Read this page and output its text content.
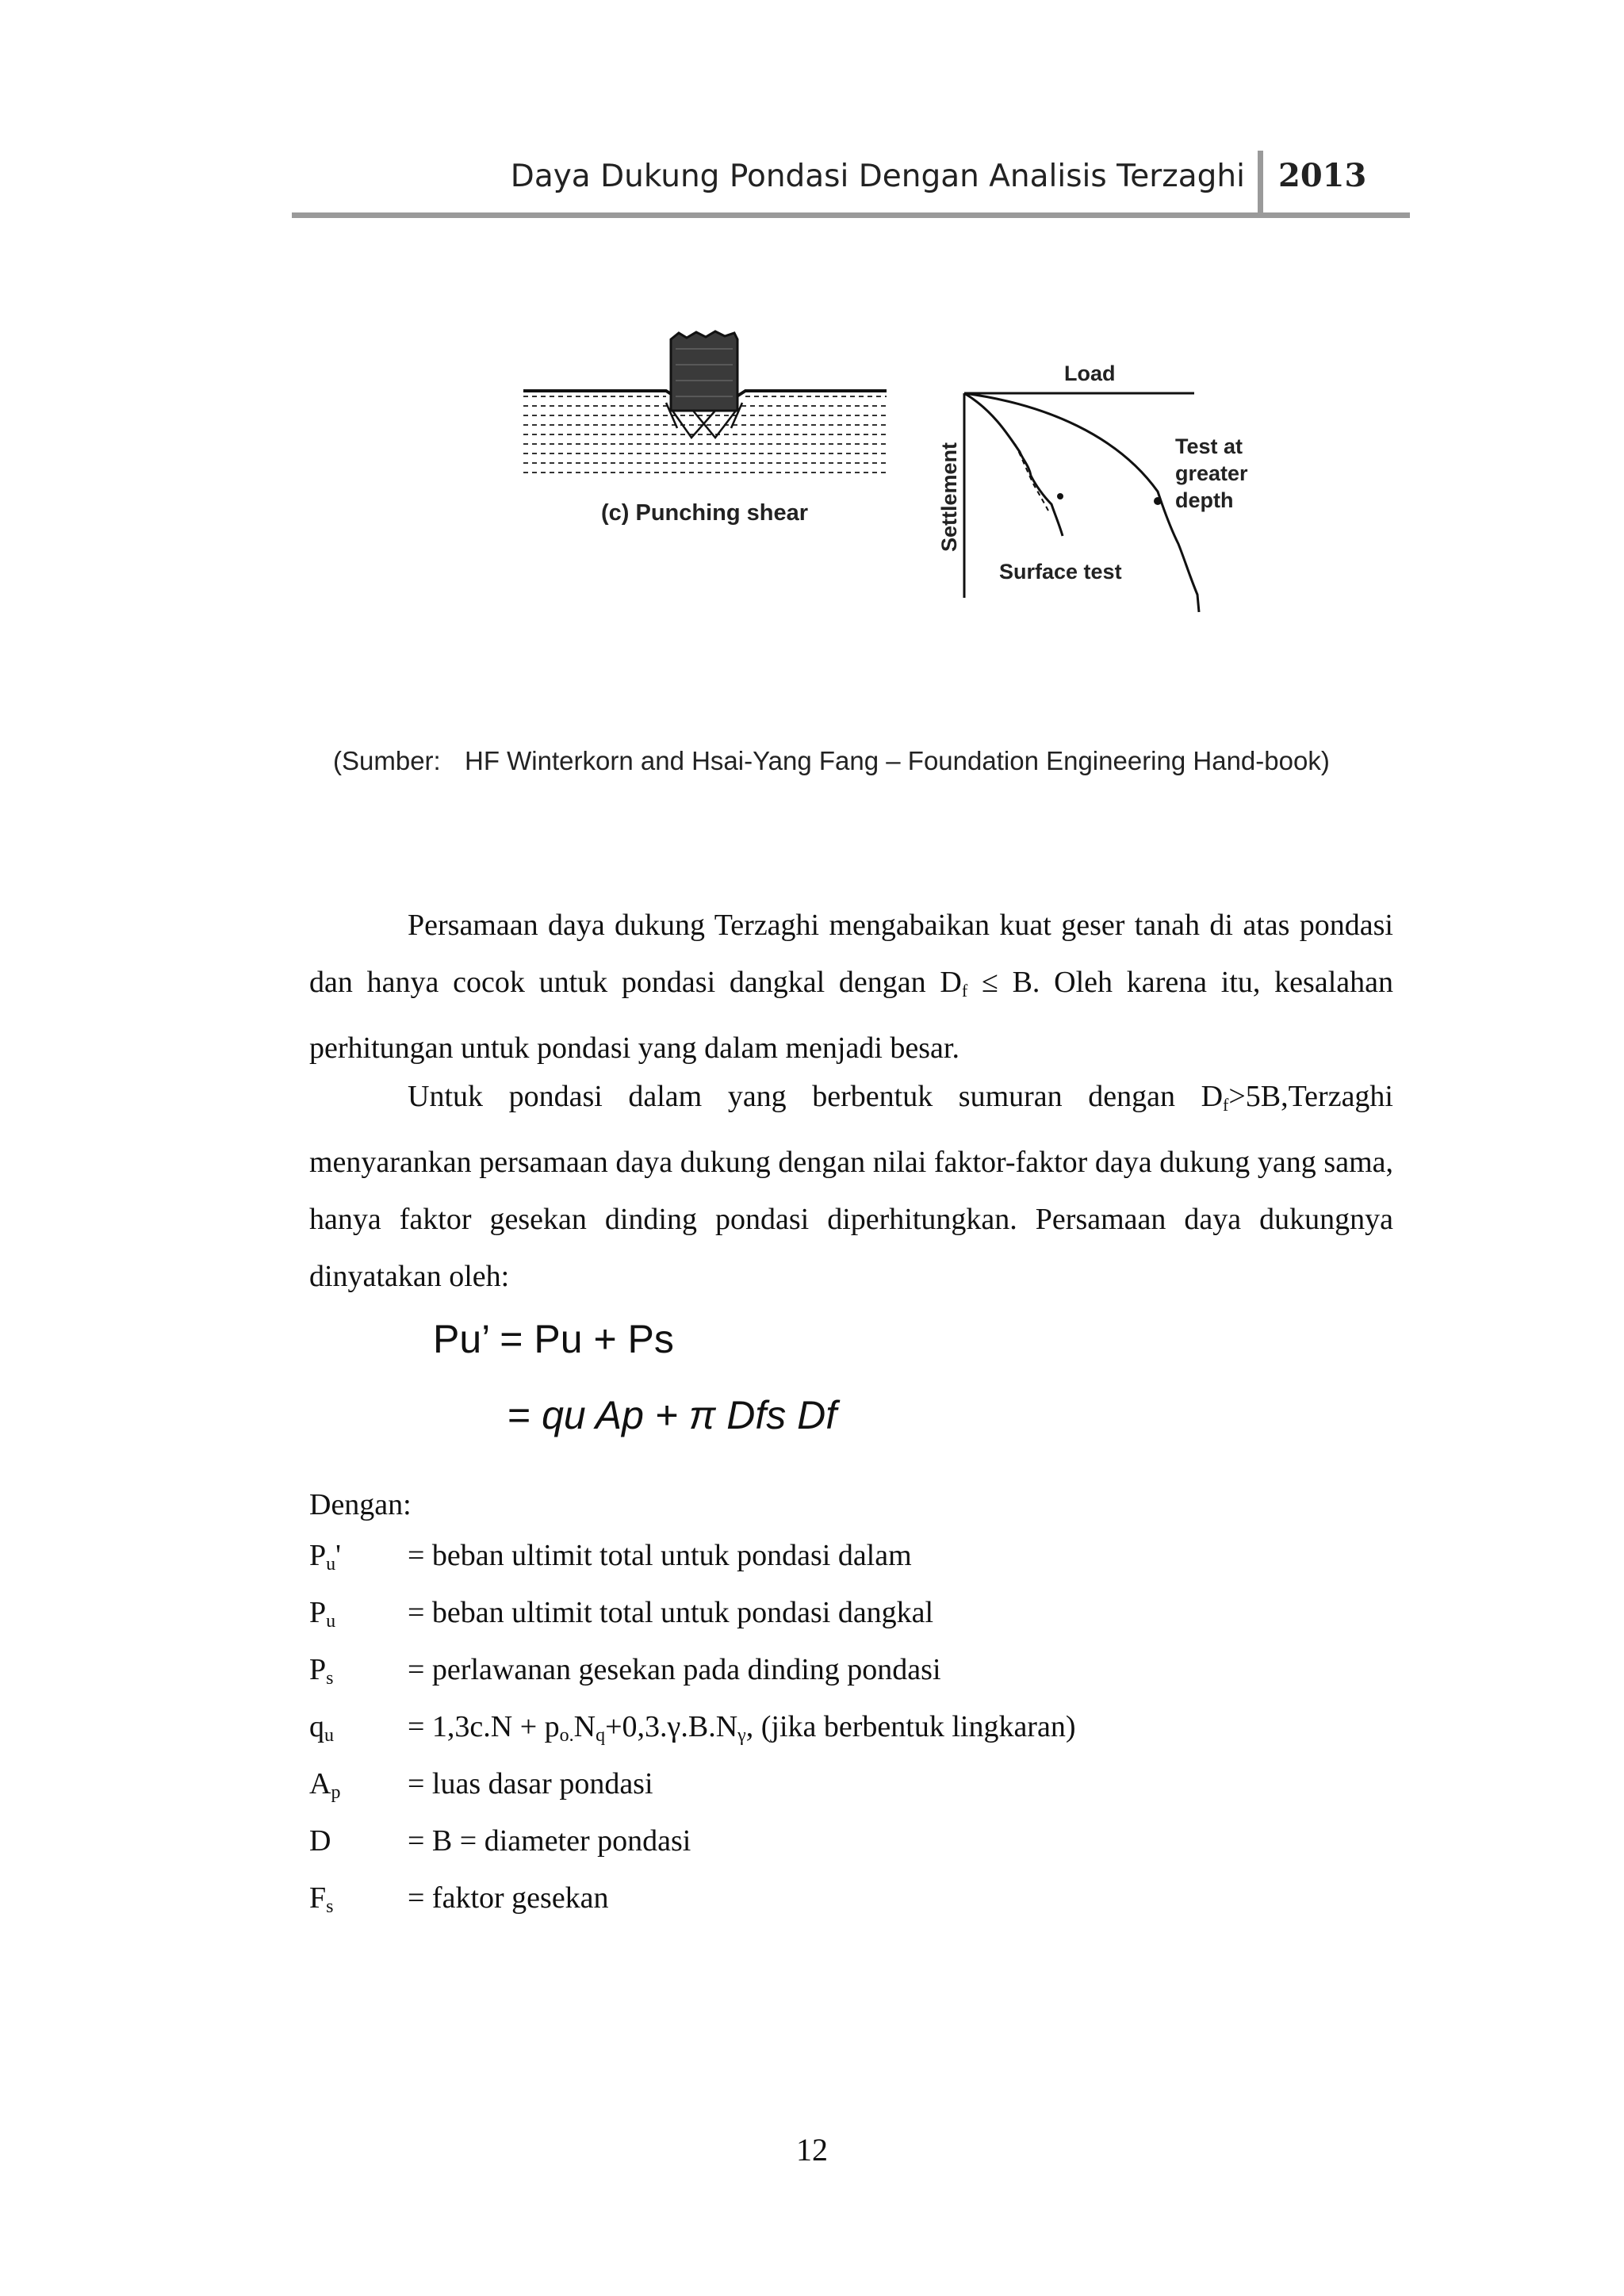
Daya Dukung Pondasi Dengan Analisis Terzaghi 2013
(c) Punching shear
Load
Settlement	Test at
greater
depth
Surface test
(Sumber: HF Winterkorn and Hsai-Yang Fang – Foundation Engineering Hand-book)

Persamaan daya dukung Terzaghi mengabaikan kuat geser tanah di atas pondasi dan hanya cocok untuk pondasi dangkal dengan $D_f \le B$. Oleh karena itu, kesalahan perhitungan untuk pondasi yang dalam menjadi besar.

Untuk pondasi dalam yang berbentuk sumuran dengan $D_f>5B,Terzaghi$ menyarankan persamaan daya dukung dengan nilai faktor-faktor daya dukung yang sama, hanya faktor gesekan dinding pondasi diperhitungkan. Persamaan daya dukungnya dinyatakan oleh:

Pu’ = Pu + Ps
= qu Ap + π Dfs Df
Dengan:
$P_u'$ = beban ultimit total untuk pondasi dalam
$P_u$ = beban ultimit total untuk pondasi dangkal
$P_s$ = perlawanan gesekan pada dinding pondasi
$q_u = 1,3c.N + p_{o.}N_q+0,3.\gamma.B.N_\gamma$, (jika berbentuk lingkaran)
$A_p$ = luas dasar pondasi
D	= B = diameter pondasi
$F_s$ = faktor gesekan
12
